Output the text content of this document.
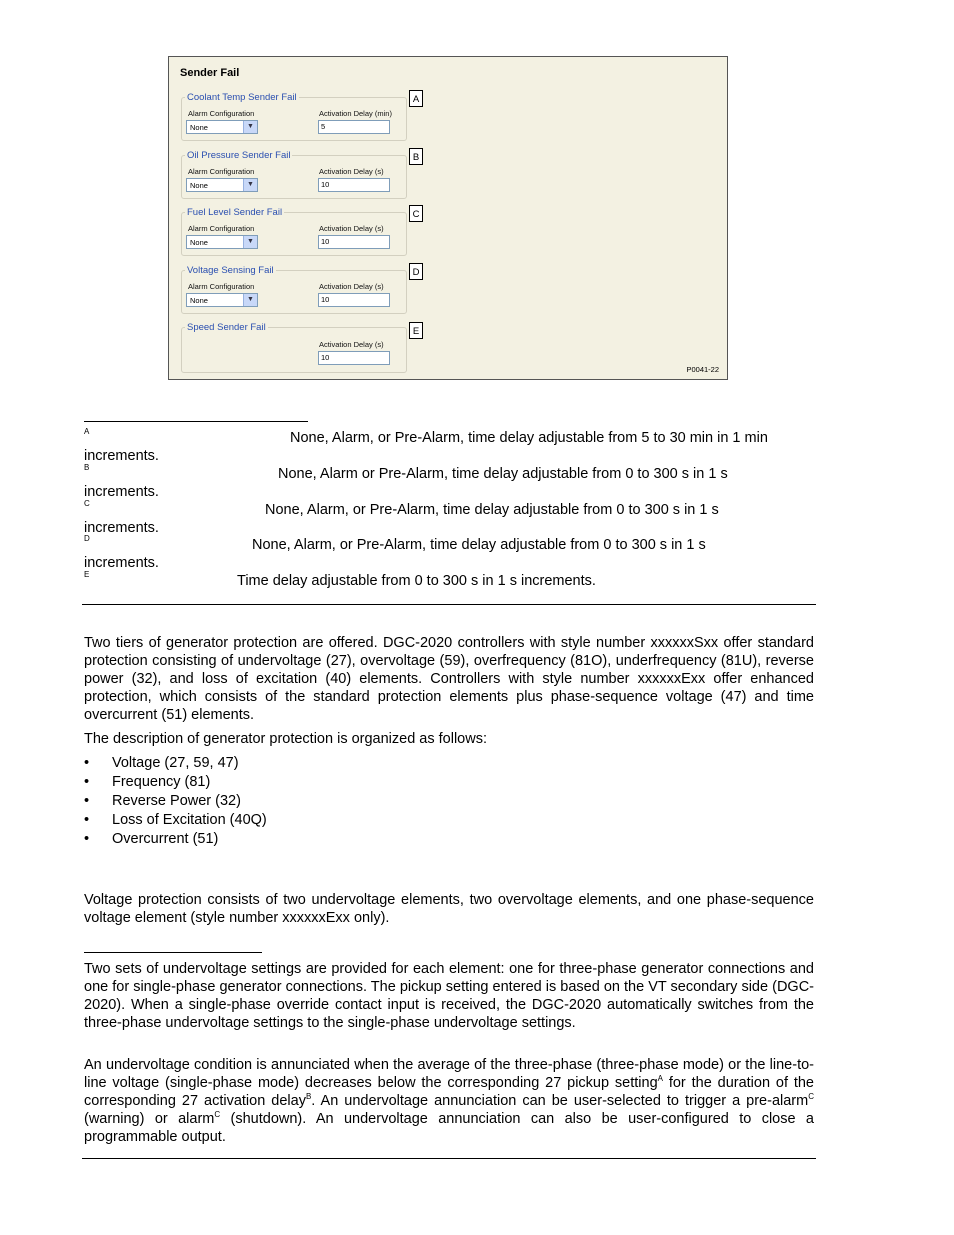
Sender Fail
Coolant Temp Sender Fail
Alarm Configuration
None	▼
Activation Delay (min)
5
A
Oil Pressure Sender Fail
Alarm Configuration
None	▼
Activation Delay (s)
10
B
Fuel Level Sender Fail
Alarm Configuration
None	▼
Activation Delay (s)
10
C
Voltage Sensing Fail
Alarm Configuration
None	▼
Activation Delay (s)
10
D
Speed Sender Fail
Activation Delay (s)
10
E
P0041-22
A	None, Alarm, or Pre-Alarm, time delay adjustable from 5 to 30 min in 1 min
increments.
B	None, Alarm or Pre-Alarm, time delay adjustable from 0 to 300 s in 1 s
increments.
C	None, Alarm, or Pre-Alarm, time delay adjustable from 0 to 300 s in 1 s
increments.
D	None, Alarm, or Pre-Alarm, time delay adjustable from 0 to 300 s in 1 s
increments.
E	Time delay adjustable from 0 to 300 s in 1 s increments.
Two tiers of generator protection are offered. DGC-2020 controllers with style number xxxxxxSxx offer standard protection consisting of undervoltage (27), overvoltage (59), overfrequency (81O), underfrequency (81U), reverse power (32), and loss of excitation (40) elements. Controllers with style number xxxxxxExx offer enhanced protection, which consists of the standard protection elements plus phase-sequence voltage (47) and time overcurrent (51) elements.
The description of generator protection is organized as follows:
• Voltage (27, 59, 47)
• Frequency (81)
• Reverse Power (32)
• Loss of Excitation (40Q)
• Overcurrent (51)
Voltage protection consists of two undervoltage elements, two overvoltage elements, and one phase-sequence voltage element (style number xxxxxxExx only).
Two sets of undervoltage settings are provided for each element: one for three-phase generator connections and one for single-phase generator connections. The pickup setting entered is based on the VT secondary side (DGC-2020). When a single-phase override contact input is received, the DGC-2020 automatically switches from the three-phase undervoltage settings to the single-phase undervoltage settings.
An undervoltage condition is annunciated when the average of the three-phase (three-phase mode) or the line-to-line voltage (single-phase mode) decreases below the corresponding 27 pickup setting$^A$ for the duration of the corresponding 27 activation delay$^B$. An undervoltage annunciation can be user-selected to trigger a pre-alarm$^C$ (warning) or alarm$^C$ (shutdown). An undervoltage annunciation can also be user-configured to close a programmable output.
